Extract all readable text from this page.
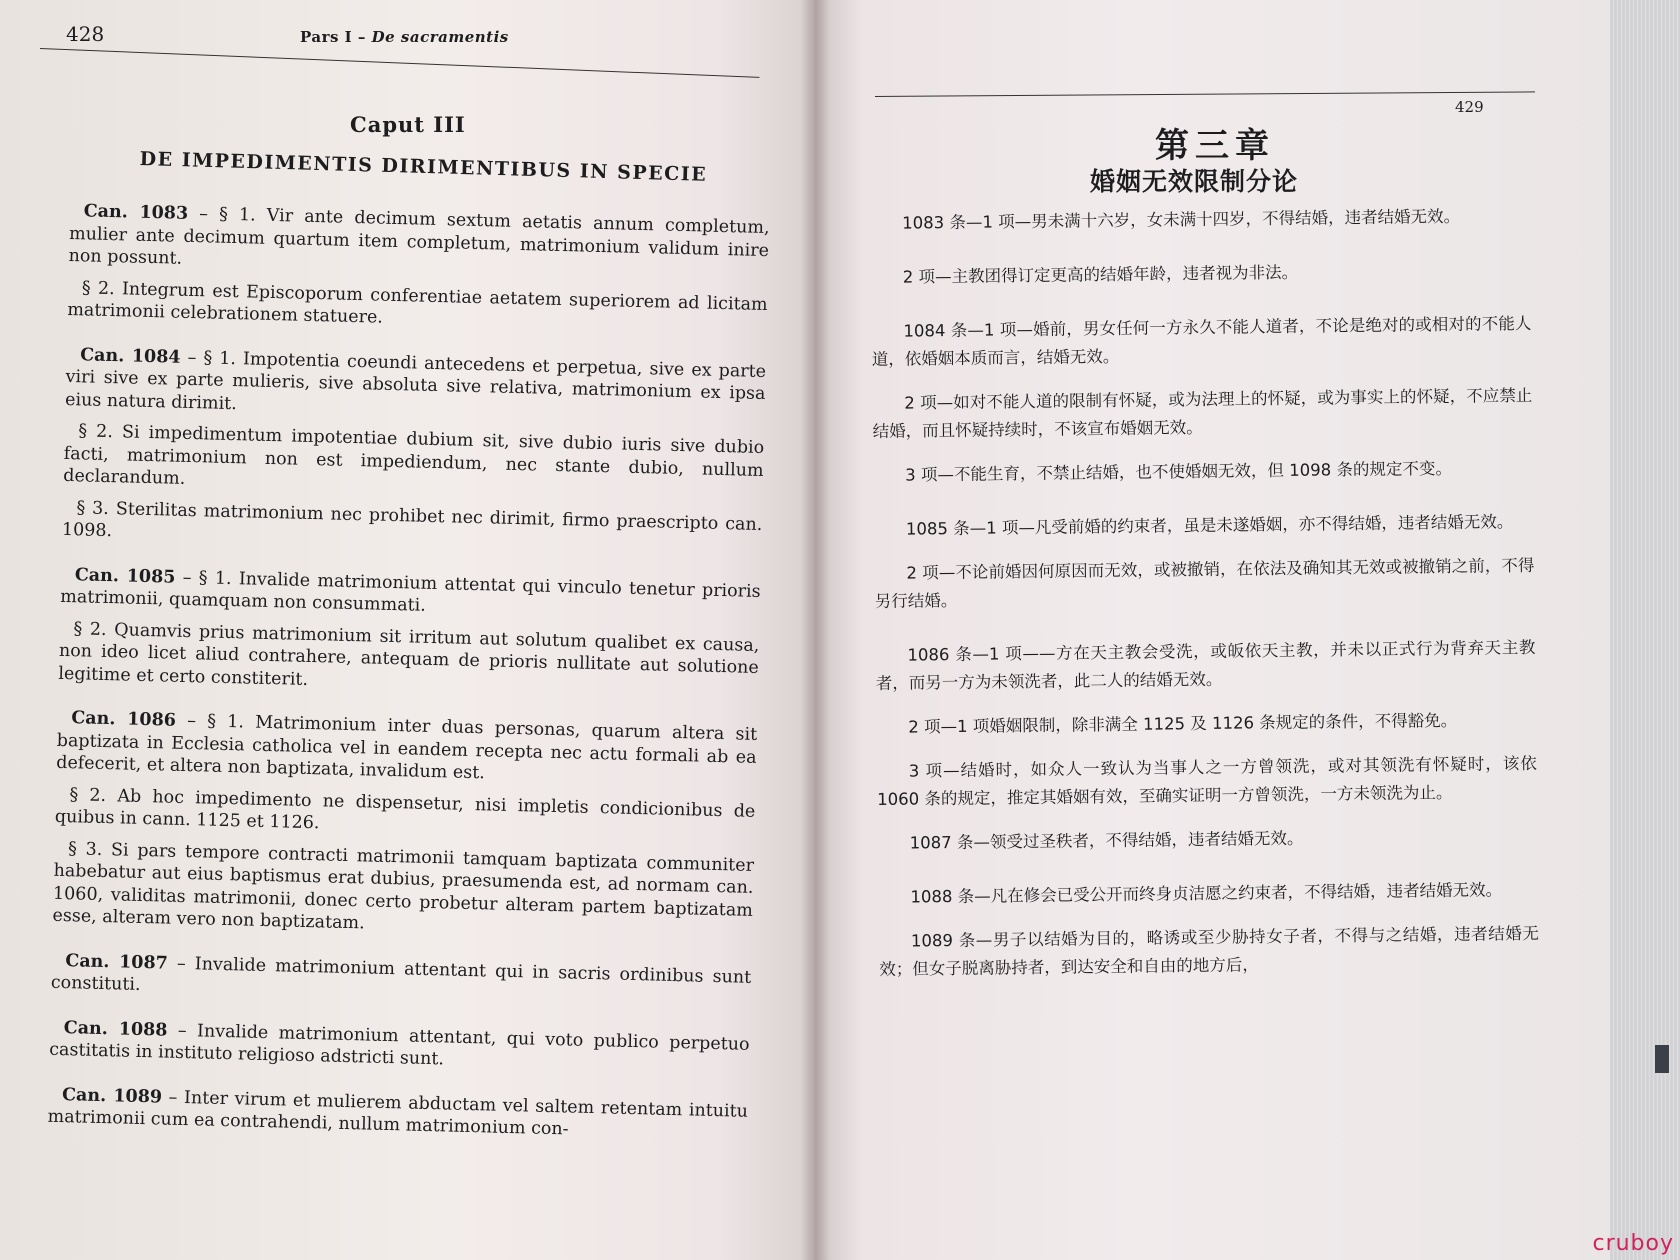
428	Pars I – De sacramentis
Caput III
DE IMPEDIMENTIS DIRIMENTIBUS IN SPECIE

Can. 1083 – § 1. Vir ante decimum sextum aetatis annum completum, mulier ante decimum quartum item completum, matrimonium validum inire non possunt.

§ 2. Integrum est Episcoporum conferentiae aetatem superiorem ad licitam matrimonii celebrationem statuere.

Can. 1084 – § 1. Impotentia coeundi antecedens et perpetua, sive ex parte viri sive ex parte mulieris, sive absoluta sive relativa, matrimonium ex ipsa eius natura dirimit.

§ 2. Si impedimentum impotentiae dubium sit, sive dubio iuris sive dubio facti, matrimonium non est impediendum, nec stante dubio, nullum declarandum.

§ 3. Sterilitas matrimonium nec prohibet nec dirimit, firmo praescripto can. 1098.

Can. 1085 – § 1. Invalide matrimonium attentat qui vinculo tenetur prioris matrimonii, quamquam non consummati.

§ 2. Quamvis prius matrimonium sit irritum aut solutum qualibet ex causa, non ideo licet aliud contrahere, antequam de prioris nullitate aut solutione legitime et certo constiterit.

Can. 1086 – § 1. Matrimonium inter duas personas, quarum altera sit baptizata in Ecclesia catholica vel in eandem recepta nec actu formali ab ea defecerit, et altera non baptizata, invalidum est.

§ 2. Ab hoc impedimento ne dispensetur, nisi impletis condicionibus de quibus in cann. 1125 et 1126.

§ 3. Si pars tempore contracti matrimonii tamquam baptizata communiter habebatur aut eius baptismus erat dubius, praesumenda est, ad normam can. 1060, validitas matrimonii, donec certo probetur alteram partem baptizatam esse, alteram vero non baptizatam.

Can. 1087 – Invalide matrimonium attentant qui in sacris ordinibus sunt constituti.

Can. 1088 – Invalide matrimonium attentant, qui voto publico perpetuo castitatis in instituto religioso adstricti sunt.

Can. 1089 – Inter virum et mulierem abductam vel saltem retentam intuitu matrimonii cum ea contrahendi, nullum matrimonium con-

429
第三章
婚姻无效限制分论

1083 条—1 项—男未满十六岁，女未满十四岁，不得结婚，违者结婚无效。

2 项—主教团得订定更高的结婚年龄，违者视为非法。

1084 条—1 项—婚前，男女任何一方永久不能人道者，不论是绝对的或相对的不能人道，依婚姻本质而言，结婚无效。

2 项—如对不能人道的限制有怀疑，或为法理上的怀疑，或为事实上的怀疑，不应禁止结婚，而且怀疑持续时，不该宣布婚姻无效。

3 项—不能生育，不禁止结婚，也不使婚姻无效，但 1098 条的规定不变。

1085 条—1 项—凡受前婚的约束者，虽是未遂婚姻，亦不得结婚，违者结婚无效。

2 项—不论前婚因何原因而无效，或被撤销，在依法及确知其无效或被撤销之前，不得另行结婚。

1086 条—1 项——方在天主教会受洗，或皈依天主教，并未以正式行为背弃天主教者，而另一方为未领洗者，此二人的结婚无效。

2 项—1 项婚姻限制，除非满全 1125 及 1126 条规定的条件，不得豁免。

3 项—结婚时，如众人一致认为当事人之一方曾领洗，或对其领洗有怀疑时，该依 1060 条的规定，推定其婚姻有效，至确实证明一方曾领洗，一方未领洗为止。

1087 条—领受过圣秩者，不得结婚，违者结婚无效。

1088 条—凡在修会已受公开而终身贞洁愿之约束者，不得结婚，违者结婚无效。

1089 条—男子以结婚为目的，略诱或至少胁持女子者，不得与之结婚，违者结婚无效；但女子脱离胁持者，到达安全和自由的地方后，

cruboy
